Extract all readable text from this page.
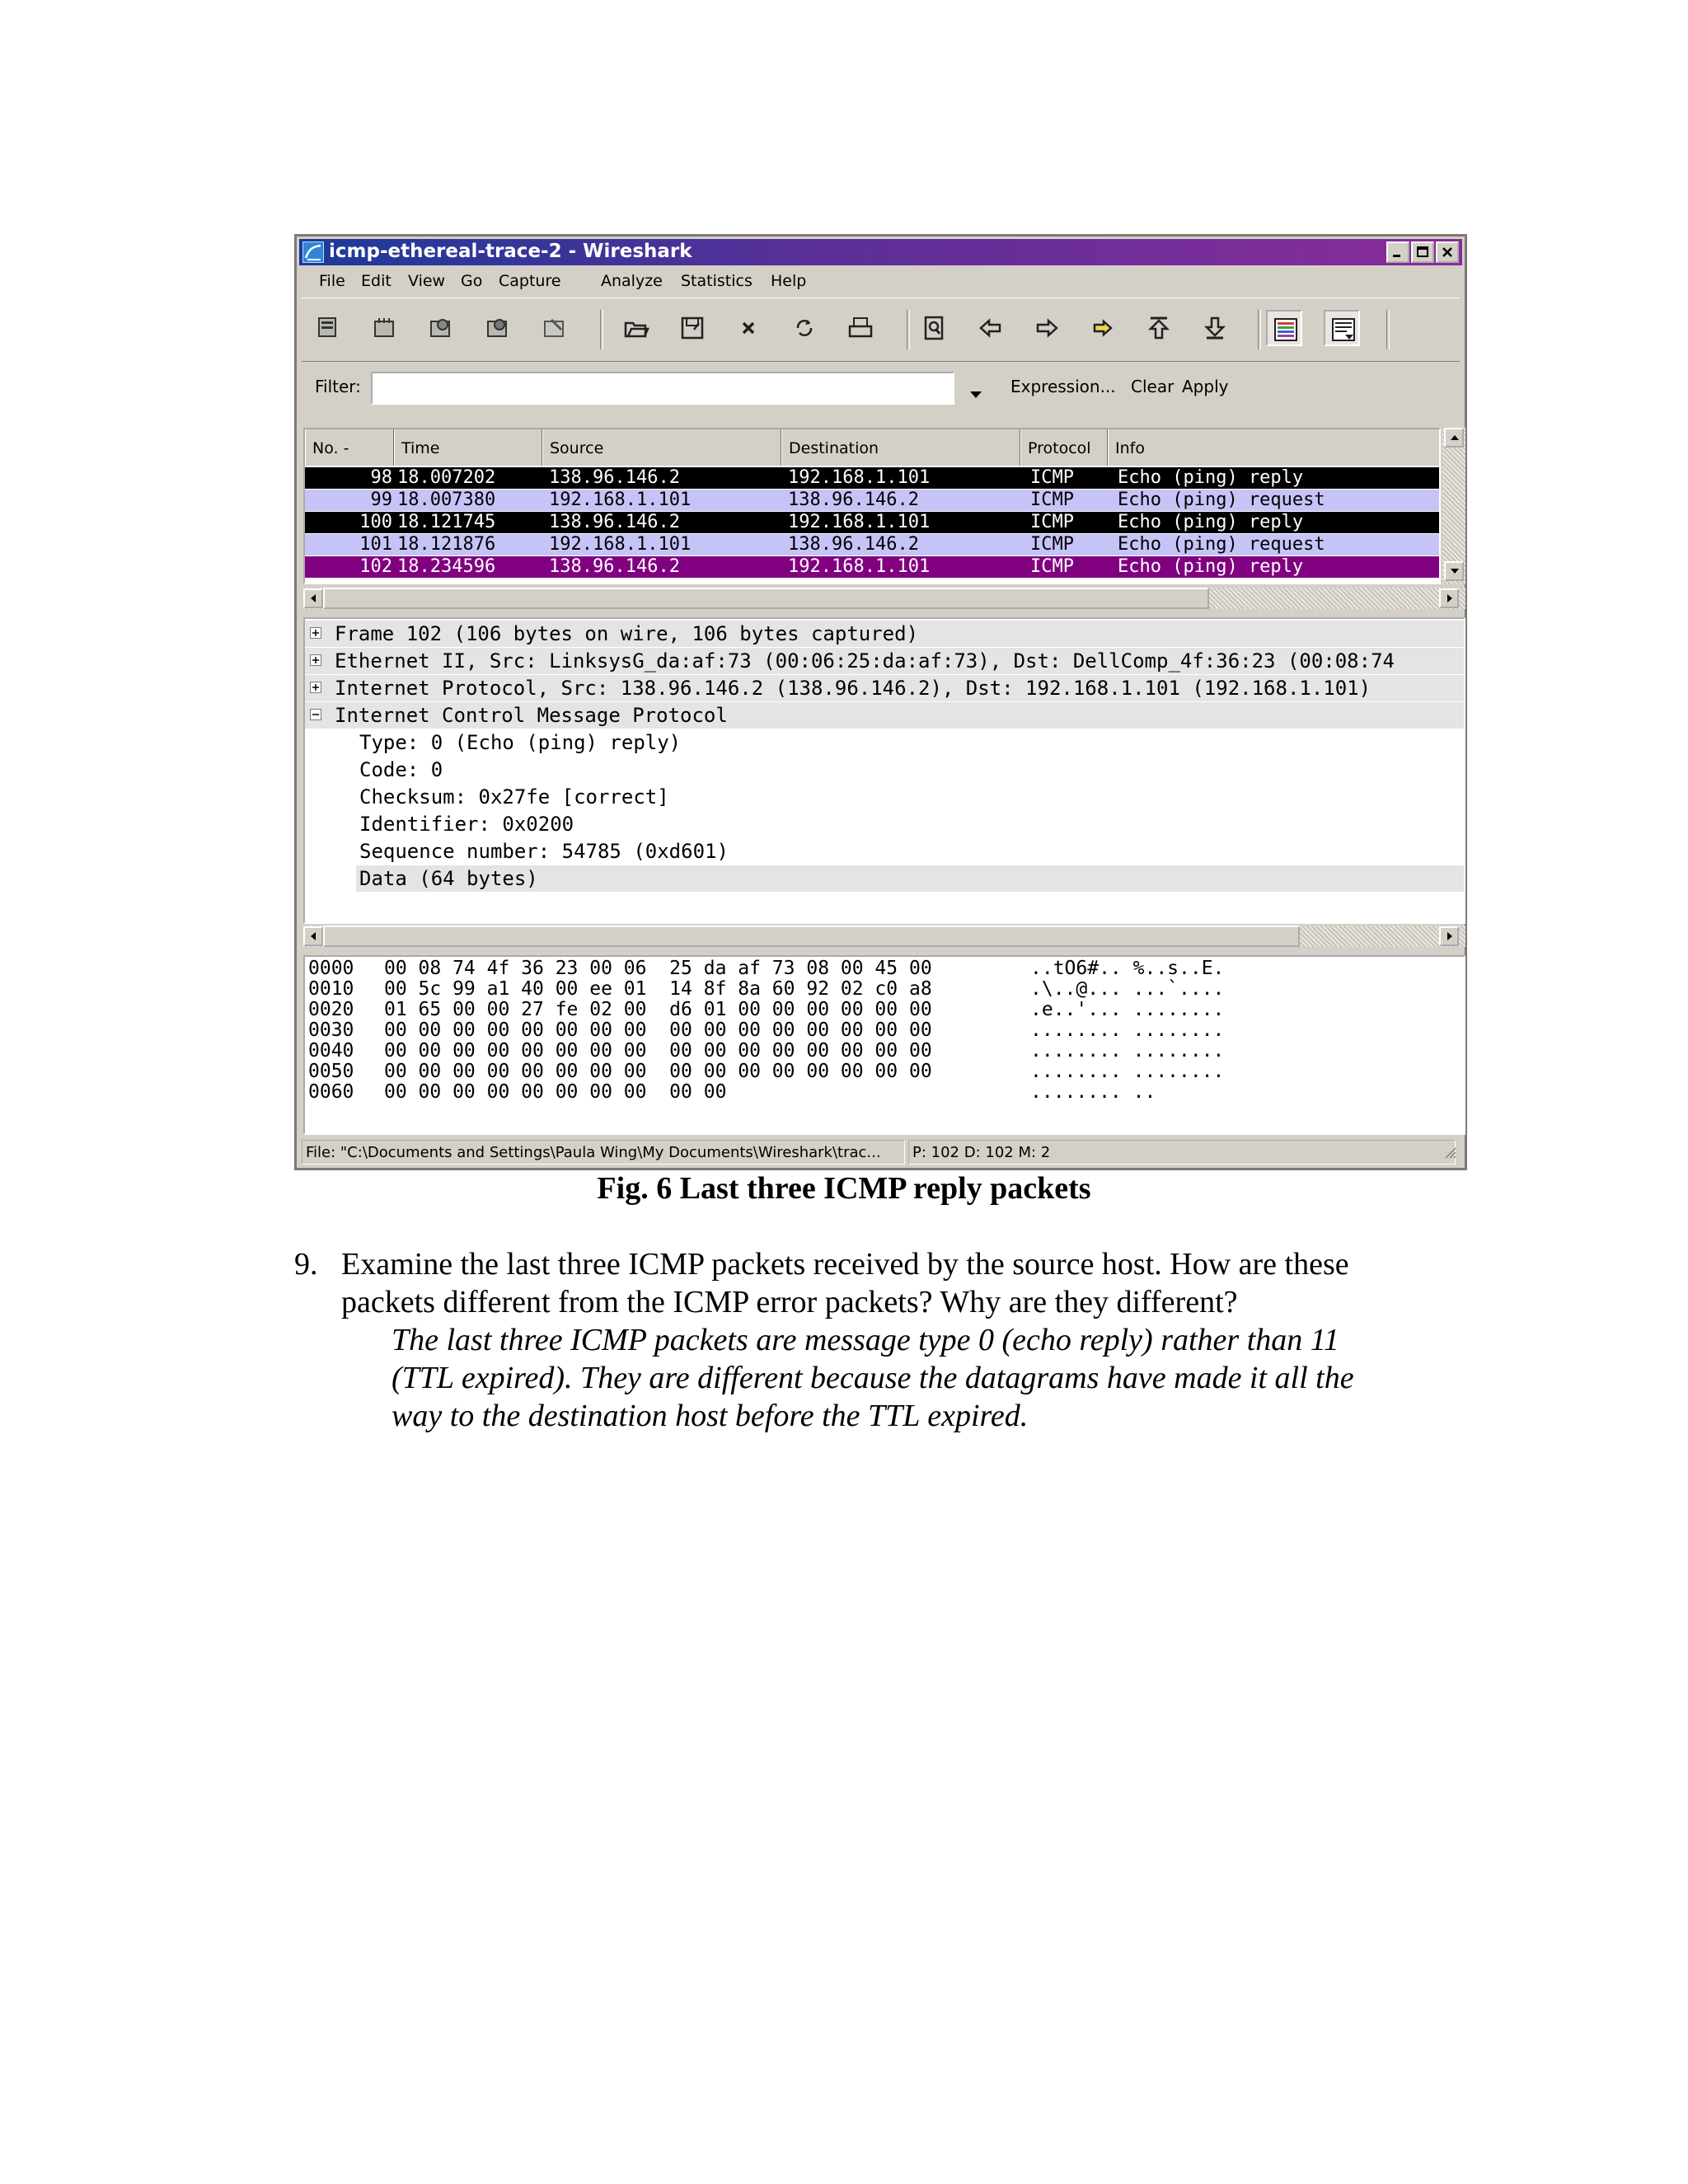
icmp-ethereal-trace-2 - Wireshark
File Edit View Go Capture	Analyze Statistics Help
Filter:	Expression... Clear Apply
No. -	Time	Source	Destination	Protocol	Info
98 18.007202	138.96.146.2	192.168.1.101	ICMP Echo (ping) reply
99 18.007380	192.168.1.101	138.96.146.2	ICMP Echo (ping) request
100 18.121745	138.96.146.2	192.168.1.101	ICMP Echo (ping) reply
101 18.121876	192.168.1.101	138.96.146.2	ICMP Echo (ping) request
102 18.234596	138.96.146.2	192.168.1.101	ICMP Echo (ping) reply
Frame 102 (106 bytes on wire, 106 bytes captured)
Ethernet II, Src: LinksysG_da:af:73 (00:06:25:da:af:73), Dst: DellComp_4f:36:23 (00:08:74
Internet Protocol, Src: 138.96.146.2 (138.96.146.2), Dst: 192.168.1.101 (192.168.1.101)
Internet Control Message Protocol
Type: 0 (Echo (ping) reply)
Code: 0
Checksum: 0x27fe [correct]
Identifier: 0x0200
Sequence number: 54785 (0xd601)
Data (64 bytes)
0000 00 08 74 4f 36 23 00 06  25 da af 73 08 00 45 00	..tO6#.. %..s..E.
0010 00 5c 99 a1 40 00 ee 01  14 8f 8a 60 92 02 c0 a8	.\..@... ...`....
0020 01 65 00 00 27 fe 02 00  d6 01 00 00 00 00 00 00	.e..'... ........
0030 00 00 00 00 00 00 00 00  00 00 00 00 00 00 00 00	........ ........
0040 00 00 00 00 00 00 00 00  00 00 00 00 00 00 00 00	........ ........
0050 00 00 00 00 00 00 00 00  00 00 00 00 00 00 00 00	........ ........
0060 00 00 00 00 00 00 00 00  00 00	........ ..
File: "C:\Documents and Settings\Paula Wing\My Documents\Wireshark\trac...	P: 102 D: 102 M: 2
Fig. 6 Last three ICMP reply packets
9. Examine the last three ICMP packets received by the source host. How are these
packets different from the ICMP error packets? Why are they different?
The last three ICMP packets are message type 0 (echo reply) rather than 11
(TTL expired). They are different because the datagrams have made it all the
way to the destination host before the TTL expired.
